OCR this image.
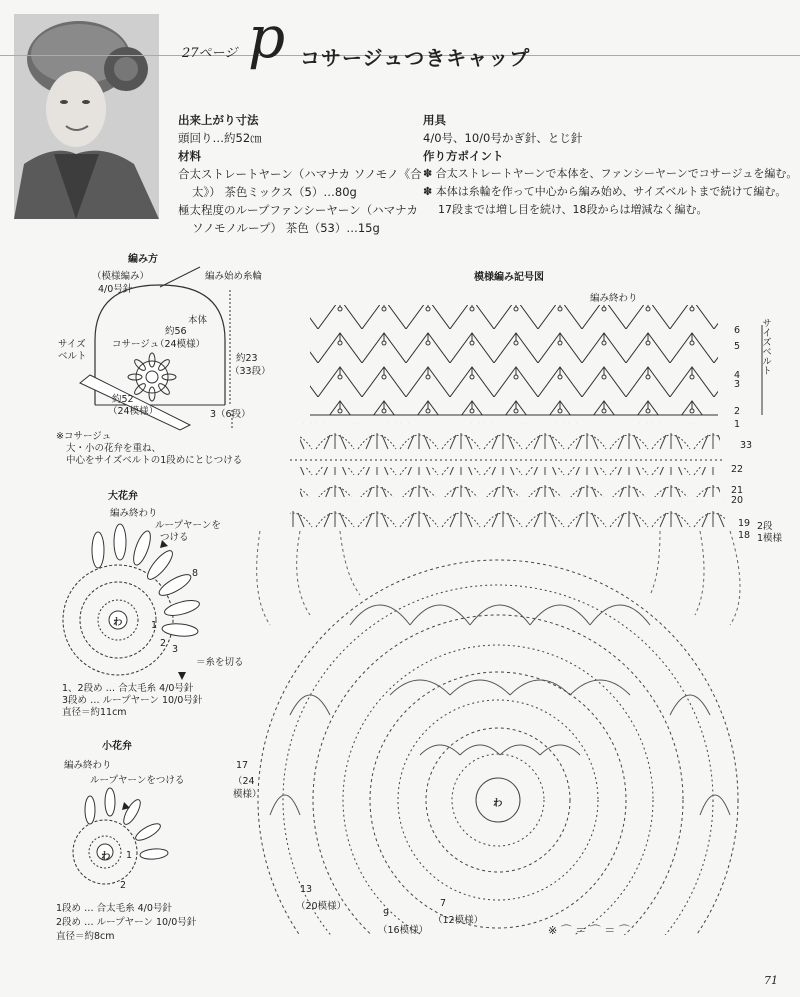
27ページ p コサージュつきキャップ
出来上がり寸法
頭回り…約52㎝
材料
合太ストレートヤーン（ハマナカ ソノモノ《合
太》） 茶色ミックス（5）…80g
極太程度のループファンシーヤーン（ハマナカ
ソノモノループ） 茶色（53）…15g
用具
4/0号、10/0号かぎ針、とじ針
作り方ポイント
✽ 合太ストレートヤーンで本体を、ファンシーヤーンでコサージュを編む。
✽ 本体は糸輪を作って中心から編み始め、サイズベルトまで続けて編む。
17段までは増し目を続け、18段からは増減なく編む。
編み方
（模様編み）
4/0号針
編み始め糸輪
本体
約56
（24模様）
コサージュ
サイズ
ベルト	約23
（33段）
約52
（24模様）	3（6段）
※コサージュ
大・小の花弁を重ね、
中心をサイズベルトの1段めにとじつける
大花弁
編み終わり
ループヤーンを
つける
わ	1
2
3
8
＝糸を切る
1、2段め … 合太毛糸 4/0号針
3段め … ループヤーン 10/0号針
直径＝約11cm
小花弁
編み終わり
ループヤーンをつける
わ 1
2
1段め … 合太毛糸 4/0号針
2段め … ループヤーン 10/0号針
直径＝約8cm
模様編み記号図
編み終わり
サイズベルト
6
5
4
3
2
1
33
22
21
20
19
18
2段
1模様
わ
17
（24
模様）
13
（20模様）
9
（16模様）
7
（12模様）
※ ⌒ ＝ ⌒ ＝ ⌒
71
